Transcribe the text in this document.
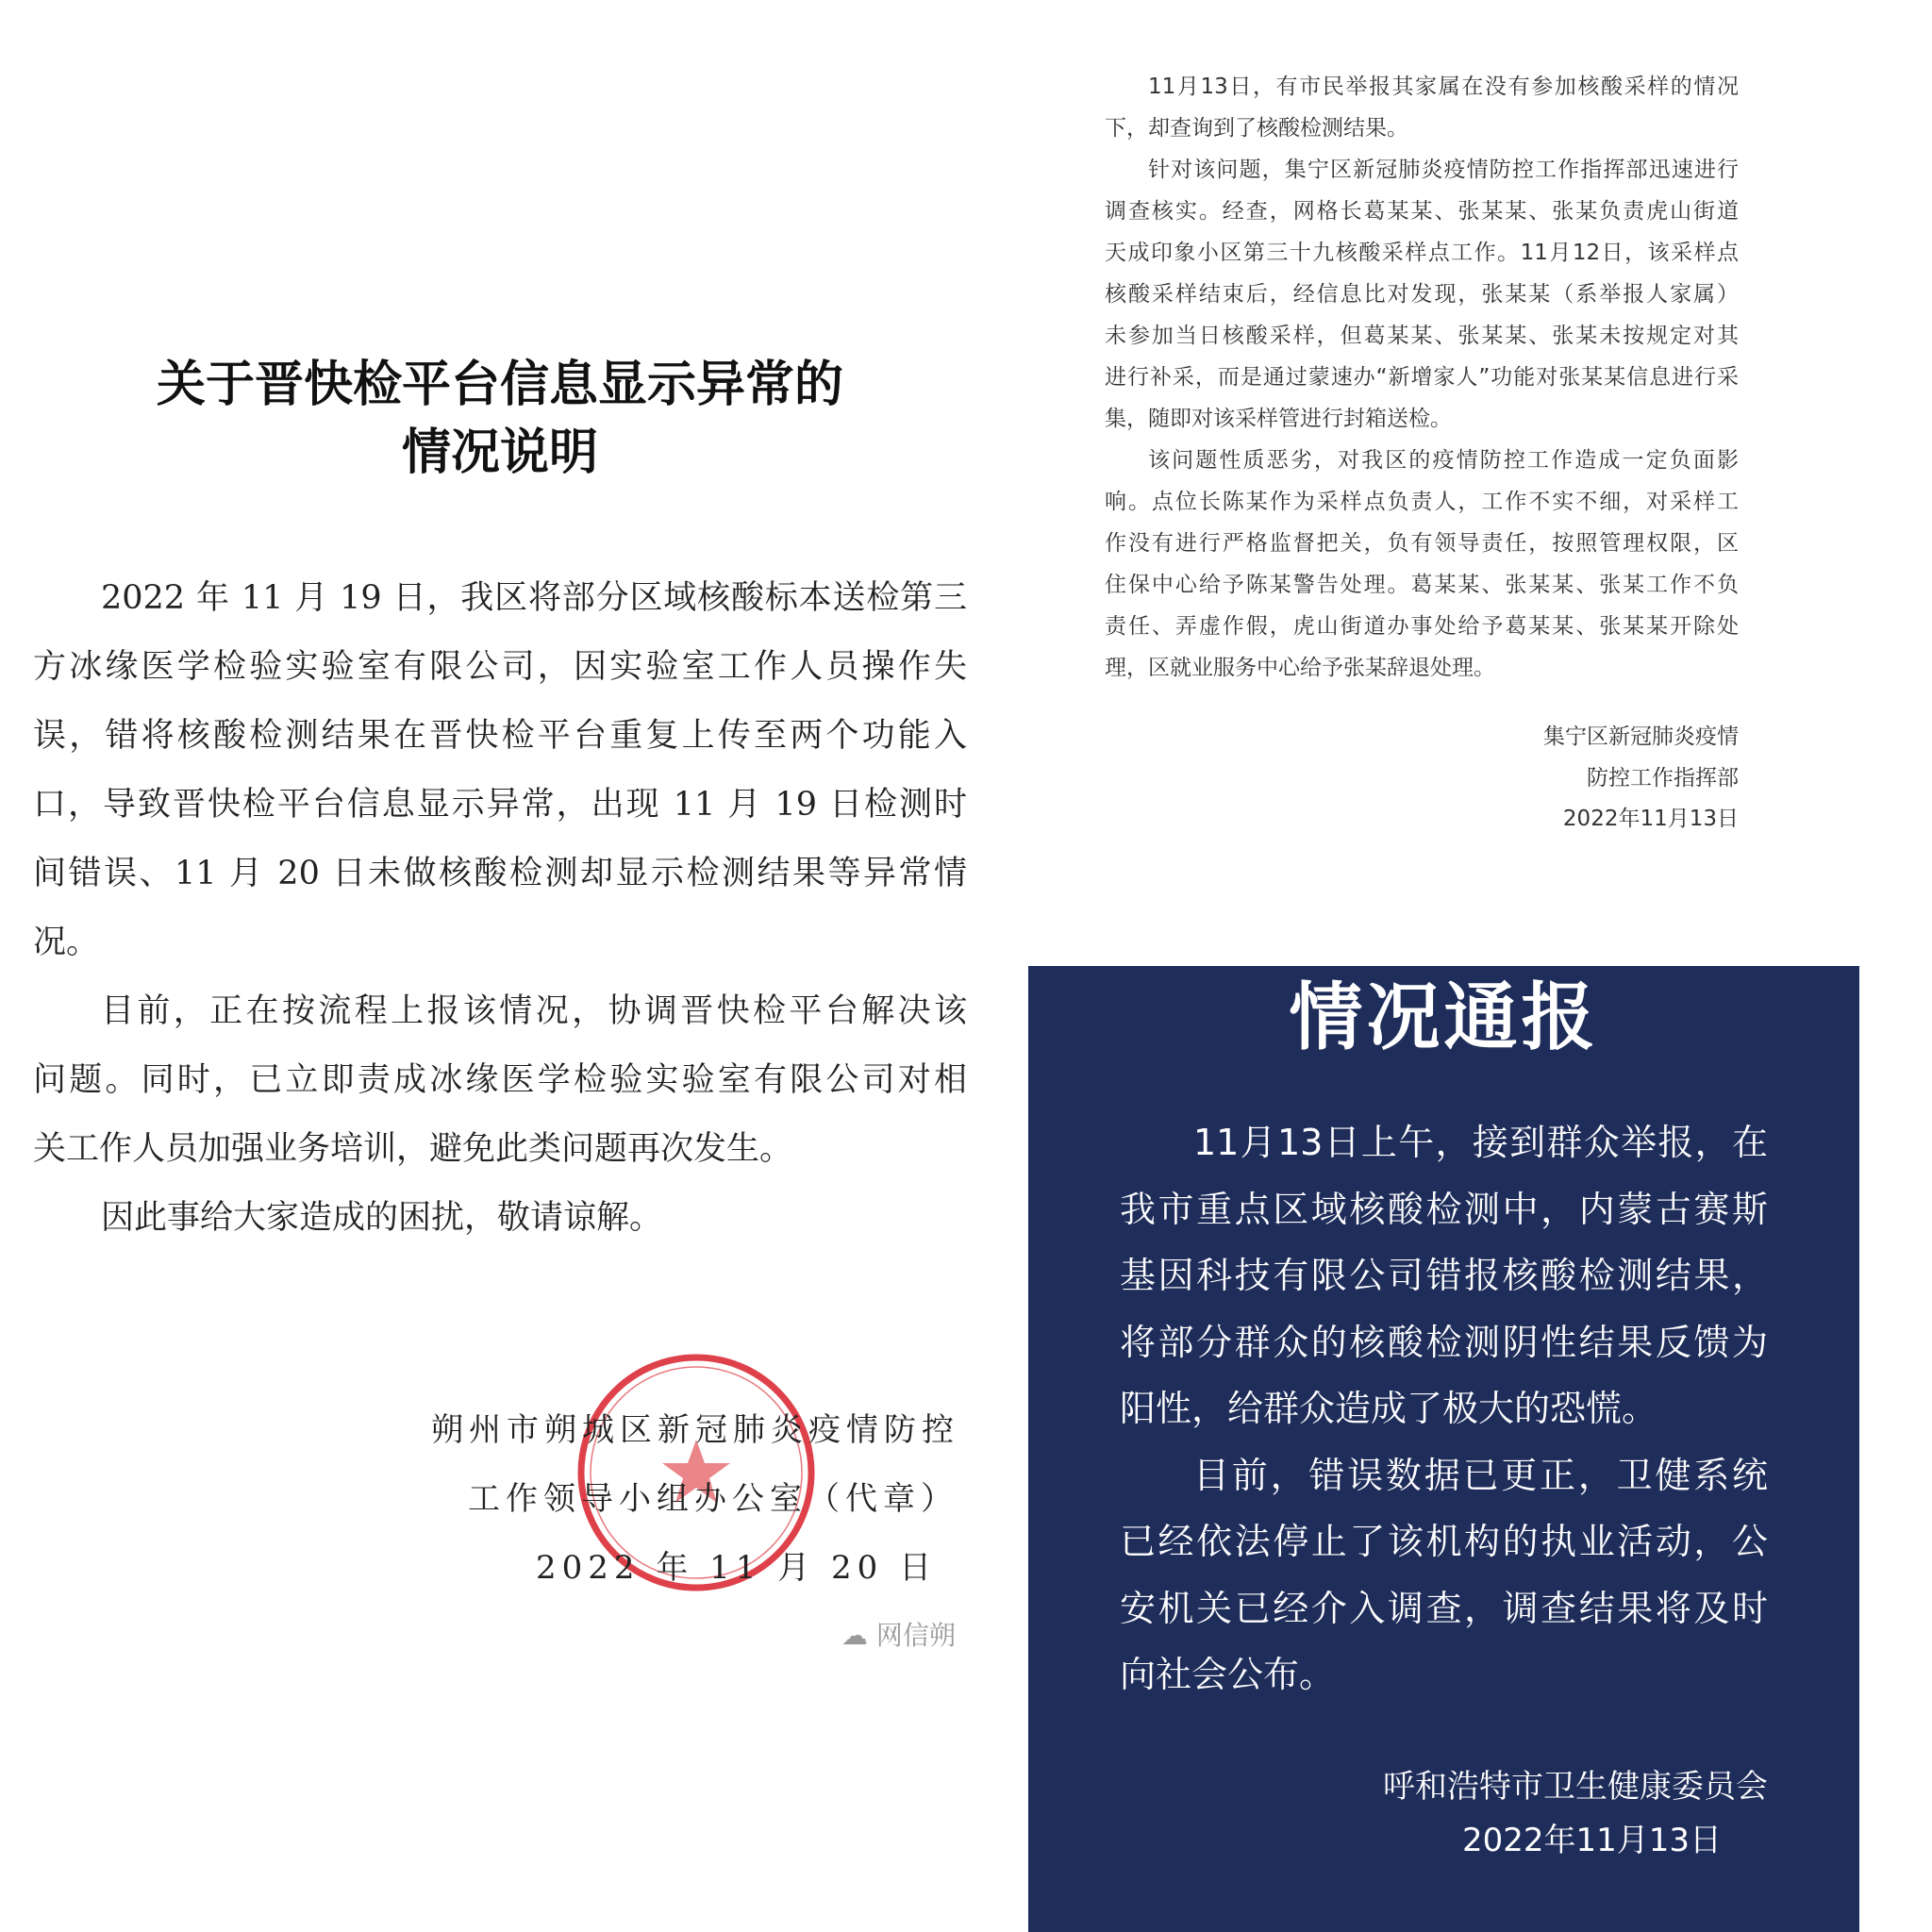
关于晋快检平台信息显示异常的
情况说明
2022 年 11 月 19 日，我区将部分区域核酸标本送检第三
方冰缘医学检验实验室有限公司，因实验室工作人员操作失
误，错将核酸检测结果在晋快检平台重复上传至两个功能入
口，导致晋快检平台信息显示异常，出现 11 月 19 日检测时
间错误、11 月 20 日未做核酸检测却显示检测结果等异常情
况。
目前，正在按流程上报该情况，协调晋快检平台解决该
问题。同时，已立即责成冰缘医学检验实验室有限公司对相
关工作人员加强业务培训，避免此类问题再次发生。
因此事给大家造成的困扰，敬请谅解。
朔州市朔城区新冠肺炎疫情防控
工作领导小组办公室（代章）
2022 年 11 月 20 日
☁ 网信朔
11月13日，有市民举报其家属在没有参加核酸采样的情况
下，却查询到了核酸检测结果。
针对该问题，集宁区新冠肺炎疫情防控工作指挥部迅速进行
调查核实。经查，网格长葛某某、张某某、张某负责虎山街道
天成印象小区第三十九核酸采样点工作。11月12日，该采样点
核酸采样结束后，经信息比对发现，张某某（系举报人家属）
未参加当日核酸采样，但葛某某、张某某、张某未按规定对其
进行补采，而是通过蒙速办“新增家人”功能对张某某信息进行采
集，随即对该采样管进行封箱送检。
该问题性质恶劣，对我区的疫情防控工作造成一定负面影
响。点位长陈某作为采样点负责人，工作不实不细，对采样工
作没有进行严格监督把关，负有领导责任，按照管理权限，区
住保中心给予陈某警告处理。葛某某、张某某、张某工作不负
责任、弄虚作假，虎山街道办事处给予葛某某、张某某开除处
理，区就业服务中心给予张某辞退处理。
集宁区新冠肺炎疫情
防控工作指挥部
2022年11月13日
情况通报
11月13日上午，接到群众举报，在
我市重点区域核酸检测中，内蒙古赛斯
基因科技有限公司错报核酸检测结果，
将部分群众的核酸检测阴性结果反馈为
阳性，给群众造成了极大的恐慌。
目前，错误数据已更正，卫健系统
已经依法停止了该机构的执业活动，公
安机关已经介入调查，调查结果将及时
向社会公布。
呼和浩特市卫生健康委员会
2022年11月13日
